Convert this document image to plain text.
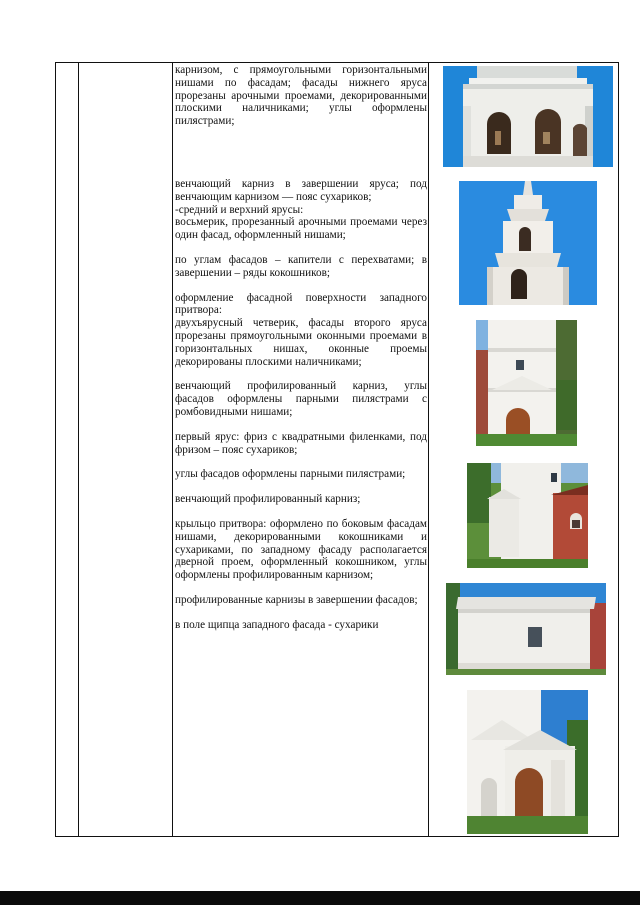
карнизом, с прямоугольными горизонтальными нишами по фасадам; фасады нижнего яруса прорезаны арочными проемами, декорированными плоскими наличниками; углы оформлены пилястрами;

венчающий карниз в завершении яруса; под венчающим карнизом — пояс сухариков;

-средний и верхний ярусы:

восьмерик, прорезанный арочными проемами через один фасад, оформленный нишами;

по углам фасадов – капители с перехватами; в завершении – ряды кокошников;

оформление фасадной поверхности западного притвора:

двухъярусный четверик, фасады второго яруса прорезаны прямоугольными оконными проемами в горизонтальных нишах, оконные проемы декорированы плоскими наличниками;

венчающий профилированный карниз, углы фасадов оформлены парными пилястрами с ромбовидными нишами;

первый ярус: фриз с квадратными филенками, под фризом – пояс сухариков;

углы фасадов оформлены парными пилястрами;

венчающий профилированный карниз;

крыльцо притвора: оформлено по боковым фасадам нишами, декорированными кокошниками и сухариками, по западному фасаду располагается дверной проем, оформленный кокошником, углы оформлены профилированным карнизом;

профилированные карнизы в завершении фасадов;

в поле щипца западного фасада - сухарики
